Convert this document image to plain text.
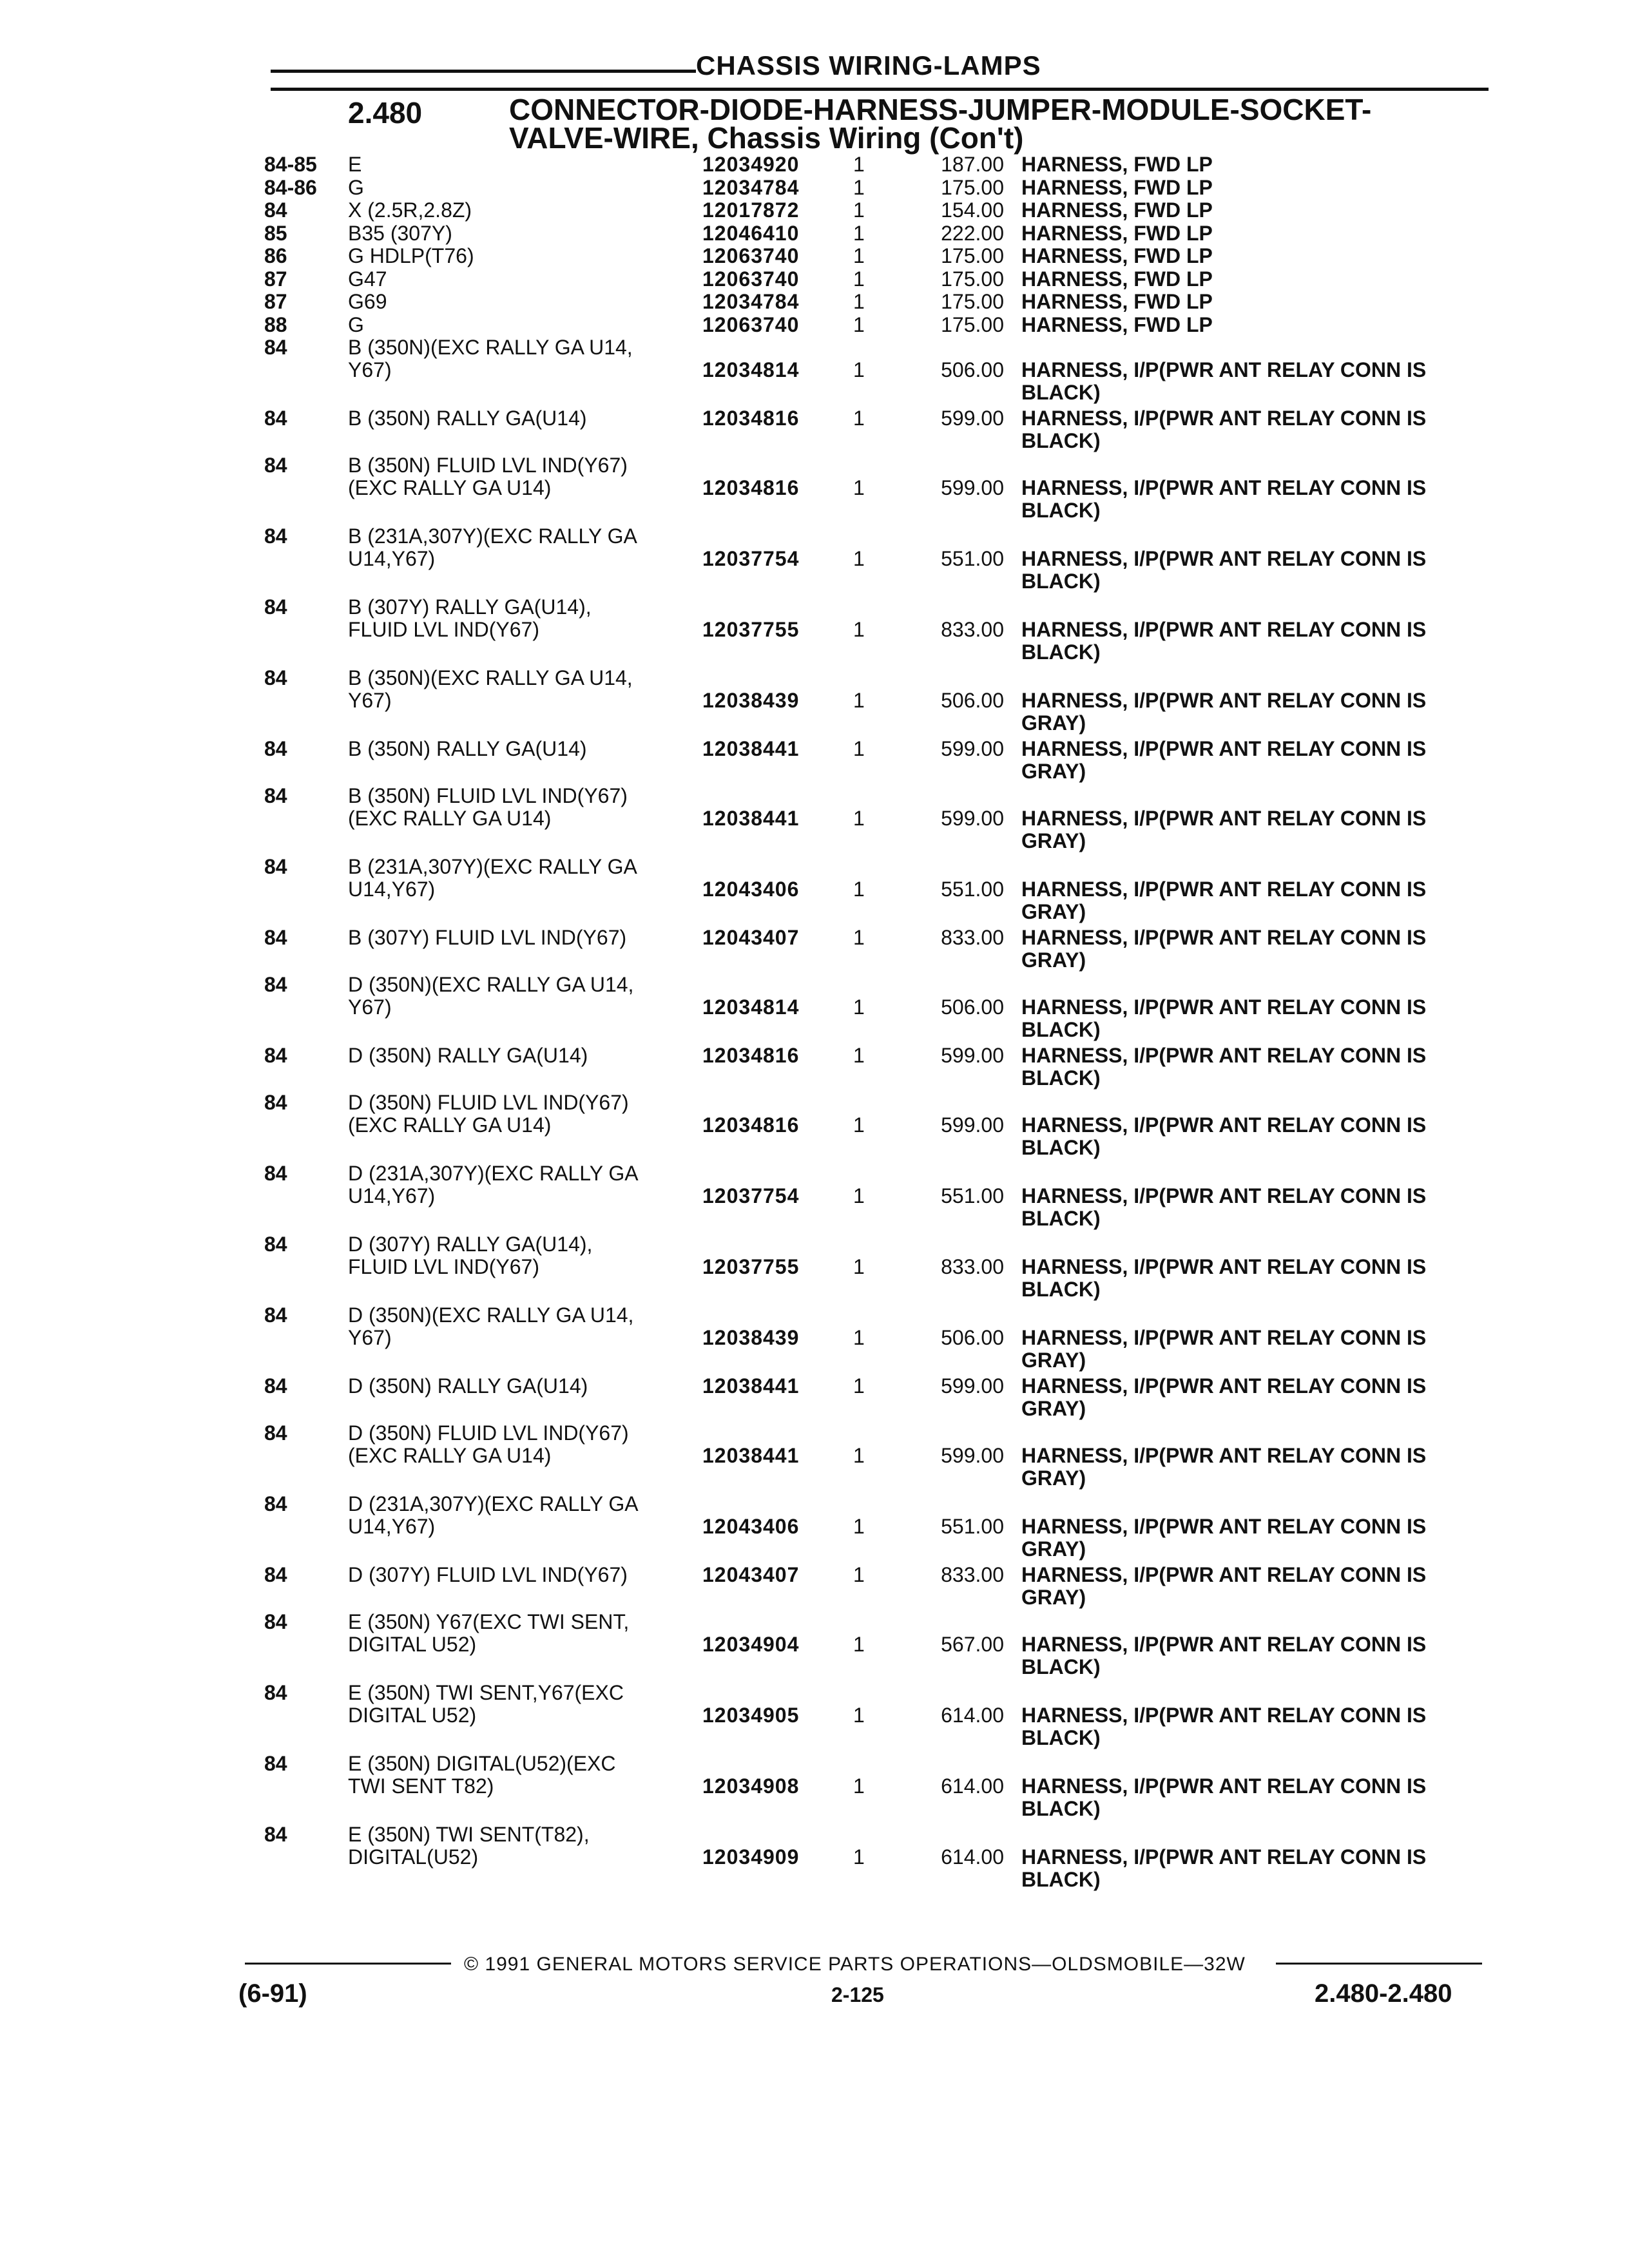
CHASSIS WIRING-LAMPS
2.480	CONNECTOR-DIODE-HARNESS-JUMPER-MODULE-SOCKET-
VALVE-WIRE, Chassis Wiring (Con't)
84-85 E	12034920	1	187.00 HARNESS, FWD LP
84-86 G	12034784	1	175.00 HARNESS, FWD LP
84	X (2.5R,2.8Z)	12017872	1	154.00 HARNESS, FWD LP
85	B35 (307Y)	12046410	1	222.00 HARNESS, FWD LP
86	G HDLP(T76)	12063740	1	175.00 HARNESS, FWD LP
87	G47	12063740	1	175.00 HARNESS, FWD LP
87	G69	12034784	1	175.00 HARNESS, FWD LP
88	G	12063740	1	175.00 HARNESS, FWD LP
84	B (350N)(EXC RALLY GA U14,
Y67)	12034814	1	506.00 HARNESS, I/P(PWR ANT RELAY CONN IS
BLACK)
84	B (350N) RALLY GA(U14)	12034816	1	599.00 HARNESS, I/P(PWR ANT RELAY CONN IS
BLACK)
84	B (350N) FLUID LVL IND(Y67)
(EXC RALLY GA U14)	12034816	1	599.00 HARNESS, I/P(PWR ANT RELAY CONN IS
BLACK)
84	B (231A,307Y)(EXC RALLY GA
U14,Y67)	12037754	1	551.00 HARNESS, I/P(PWR ANT RELAY CONN IS
BLACK)
84	B (307Y) RALLY GA(U14),
FLUID LVL IND(Y67)	12037755	1	833.00 HARNESS, I/P(PWR ANT RELAY CONN IS
BLACK)
84	B (350N)(EXC RALLY GA U14,
Y67)	12038439	1	506.00 HARNESS, I/P(PWR ANT RELAY CONN IS
GRAY)
84	B (350N) RALLY GA(U14)	12038441	1	599.00 HARNESS, I/P(PWR ANT RELAY CONN IS
GRAY)
84	B (350N) FLUID LVL IND(Y67)
(EXC RALLY GA U14)	12038441	1	599.00 HARNESS, I/P(PWR ANT RELAY CONN IS
GRAY)
84	B (231A,307Y)(EXC RALLY GA
U14,Y67)	12043406	1	551.00 HARNESS, I/P(PWR ANT RELAY CONN IS
GRAY)
84	B (307Y) FLUID LVL IND(Y67)	12043407	1	833.00 HARNESS, I/P(PWR ANT RELAY CONN IS
GRAY)
84	D (350N)(EXC RALLY GA U14,
Y67)	12034814	1	506.00 HARNESS, I/P(PWR ANT RELAY CONN IS
BLACK)
84	D (350N) RALLY GA(U14)	12034816	1	599.00 HARNESS, I/P(PWR ANT RELAY CONN IS
BLACK)
84	D (350N) FLUID LVL IND(Y67)
(EXC RALLY GA U14)	12034816	1	599.00 HARNESS, I/P(PWR ANT RELAY CONN IS
BLACK)
84	D (231A,307Y)(EXC RALLY GA
U14,Y67)	12037754	1	551.00 HARNESS, I/P(PWR ANT RELAY CONN IS
BLACK)
84	D (307Y) RALLY GA(U14),
FLUID LVL IND(Y67)	12037755	1	833.00 HARNESS, I/P(PWR ANT RELAY CONN IS
BLACK)
84	D (350N)(EXC RALLY GA U14,
Y67)	12038439	1	506.00 HARNESS, I/P(PWR ANT RELAY CONN IS
GRAY)
84	D (350N) RALLY GA(U14)	12038441	1	599.00 HARNESS, I/P(PWR ANT RELAY CONN IS
GRAY)
84	D (350N) FLUID LVL IND(Y67)
(EXC RALLY GA U14)	12038441	1	599.00 HARNESS, I/P(PWR ANT RELAY CONN IS
GRAY)
84	D (231A,307Y)(EXC RALLY GA
U14,Y67)	12043406	1	551.00 HARNESS, I/P(PWR ANT RELAY CONN IS
GRAY)
84	D (307Y) FLUID LVL IND(Y67)	12043407	1	833.00 HARNESS, I/P(PWR ANT RELAY CONN IS
GRAY)
84	E (350N) Y67(EXC TWI SENT,
DIGITAL U52)	12034904	1	567.00 HARNESS, I/P(PWR ANT RELAY CONN IS
BLACK)
84	E (350N) TWI SENT,Y67(EXC
DIGITAL U52)	12034905	1	614.00 HARNESS, I/P(PWR ANT RELAY CONN IS
BLACK)
84	E (350N) DIGITAL(U52)(EXC
TWI SENT T82)	12034908	1	614.00 HARNESS, I/P(PWR ANT RELAY CONN IS
BLACK)
84	E (350N) TWI SENT(T82),
DIGITAL(U52)	12034909	1	614.00 HARNESS, I/P(PWR ANT RELAY CONN IS
BLACK)
© 1991 GENERAL MOTORS SERVICE PARTS OPERATIONS—OLDSMOBILE—32W
(6-91)	2-125	2.480-2.480
